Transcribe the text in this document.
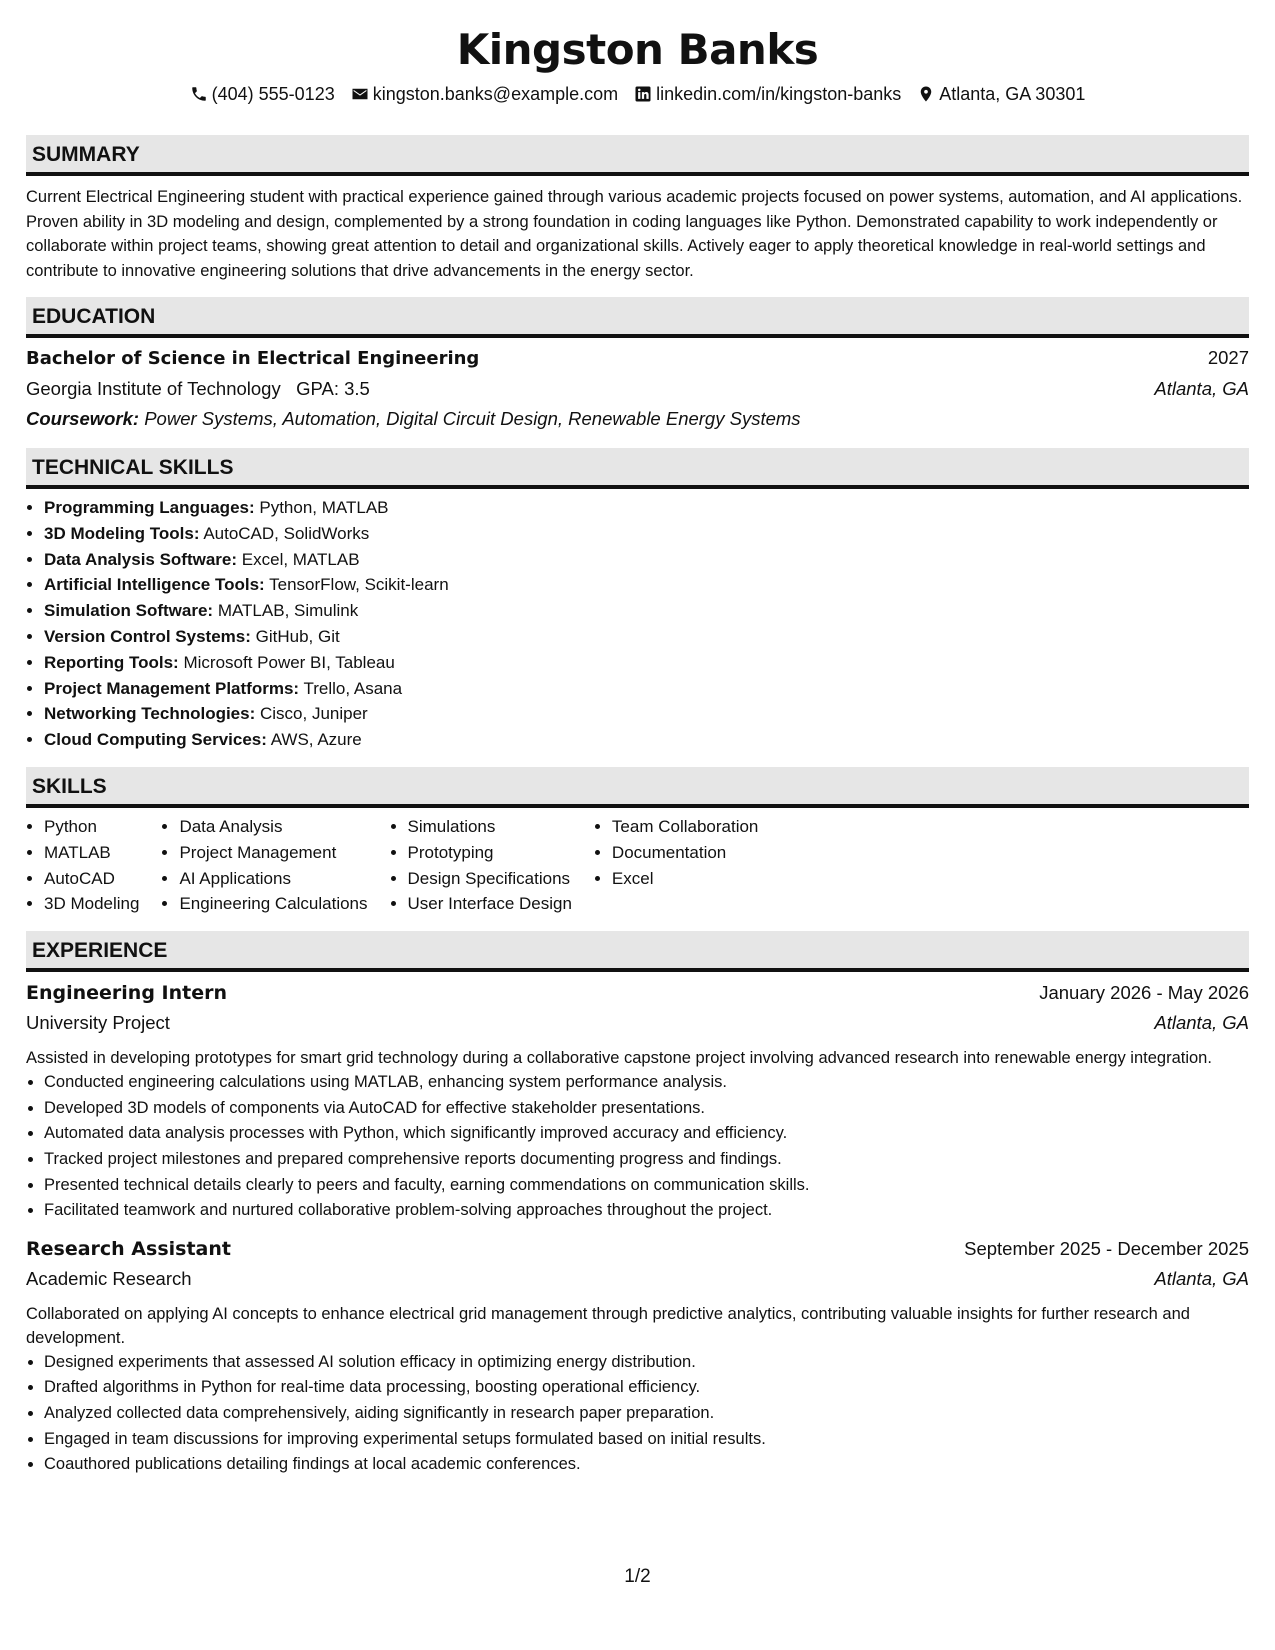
Kingston Banks
(404) 555-0123 kingston.banks@example.com linkedin.com/in/kingston-banks Atlanta, GA 30301
SUMMARY

Current Electrical Engineering student with practical experience gained through various academic projects focused on power systems, automation, and AI applications. Proven ability in 3D modeling and design, complemented by a strong foundation in coding languages like Python. Demonstrated capability to work independently or collaborate within project teams, showing great attention to detail and organizational skills. Actively eager to apply theoretical knowledge in real-world settings and contribute to innovative engineering solutions that drive advancements in the energy sector.

EDUCATION
Bachelor of Science in Electrical Engineering	2027
Georgia Institute of Technology GPA: 3.5	Atlanta, GA
Coursework: Power Systems, Automation, Digital Circuit Design, Renewable Energy Systems
TECHNICAL SKILLS
• Programming Languages: Python, MATLAB
• 3D Modeling Tools: AutoCAD, SolidWorks
• Data Analysis Software: Excel, MATLAB
• Artificial Intelligence Tools: TensorFlow, Scikit-learn
• Simulation Software: MATLAB, Simulink
• Version Control Systems: GitHub, Git
• Reporting Tools: Microsoft Power BI, Tableau
• Project Management Platforms: Trello, Asana
• Networking Technologies: Cisco, Juniper
• Cloud Computing Services: AWS, Azure
SKILLS
• Python
• MATLAB
• AutoCAD
• 3D Modeling
• Data Analysis
• Project Management
• AI Applications
• Engineering Calculations
• Simulations
• Prototyping
• Design Specifications
• User Interface Design
• Team Collaboration
• Documentation
• Excel
EXPERIENCE
Engineering Intern	January 2026 - May 2026
University Project	Atlanta, GA

Assisted in developing prototypes for smart grid technology during a collaborative capstone project involving advanced research into renewable energy integration.

• Conducted engineering calculations using MATLAB, enhancing system performance analysis.
• Developed 3D models of components via AutoCAD for effective stakeholder presentations.
• Automated data analysis processes with Python, which significantly improved accuracy and efficiency.
• Tracked project milestones and prepared comprehensive reports documenting progress and findings.
• Presented technical details clearly to peers and faculty, earning commendations on communication skills.
• Facilitated teamwork and nurtured collaborative problem-solving approaches throughout the project.
Research Assistant	September 2025 - December 2025
Academic Research	Atlanta, GA

Collaborated on applying AI concepts to enhance electrical grid management through predictive analytics, contributing valuable insights for further research and development.

• Designed experiments that assessed AI solution efficacy in optimizing energy distribution.
• Drafted algorithms in Python for real-time data processing, boosting operational efficiency.
• Analyzed collected data comprehensively, aiding significantly in research paper preparation.
• Engaged in team discussions for improving experimental setups formulated based on initial results.
• Coauthored publications detailing findings at local academic conferences.
1/2
